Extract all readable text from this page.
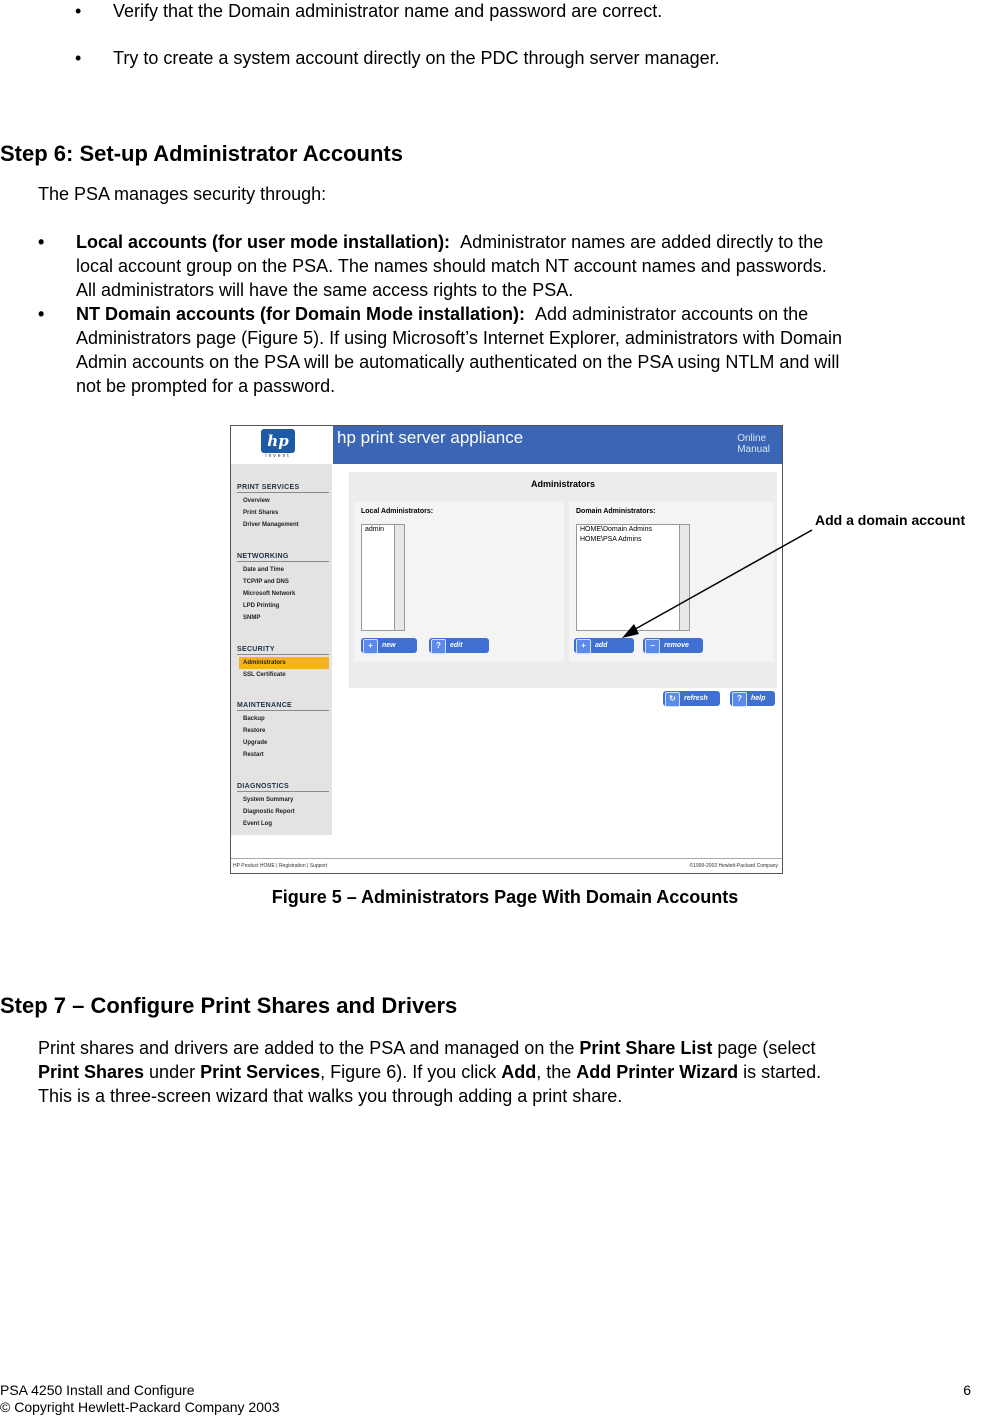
• Verify that the Domain administrator name and password are correct.
• Try to create a system account directly on the PDC through server manager.
Step 6: Set-up Administrator Accounts
The PSA manages security through:
• Local accounts (for user mode installation): Administrator names are added directly to the
local account group on the PSA. The names should match NT account names and passwords.
All administrators will have the same access rights to the PSA.
• NT Domain accounts (for Domain Mode installation): Add administrator accounts on the
Administrators page (Figure 5). If using Microsoft’s Internet Explorer, administrators with Domain
Admin accounts on the PSA will be automatically authenticated on the PSA using NTLM and will
not be prompted for a password.
hp
invent
hp print server appliance	Online
Manual
PRINT SERVICES
Overview
Print Shares
Driver Management
NETWORKING
Date and Time
TCP/IP and DNS
Microsoft Network
LPD Printing
SNMP
SECURITY
Administrators
SSL Certificate
MAINTENANCE
Backup
Restore
Upgrade
Restart
DIAGNOSTICS
System Summary
Diagnostic Report
Event Log
Administrators
Local Administrators:
admin
+ new	? edit
Domain Administrators:
HOME\Domain Admins
HOME\PSA Admins
+ add	− remove
↻ refresh	? help
HP Product HOME | Registration | Support	©1999-2002 Hewlett-Packard Company
Add a domain account
Figure 5 – Administrators Page With Domain Accounts
Step 7 – Configure Print Shares and Drivers
Print shares and drivers are added to the PSA and managed on the Print Share List page (select
Print Shares under Print Services, Figure 6). If you click Add, the Add Printer Wizard is started.
This is a three-screen wizard that walks you through adding a print share.
PSA 4250 Install and Configure
© Copyright Hewlett-Packard Company 2003
6
